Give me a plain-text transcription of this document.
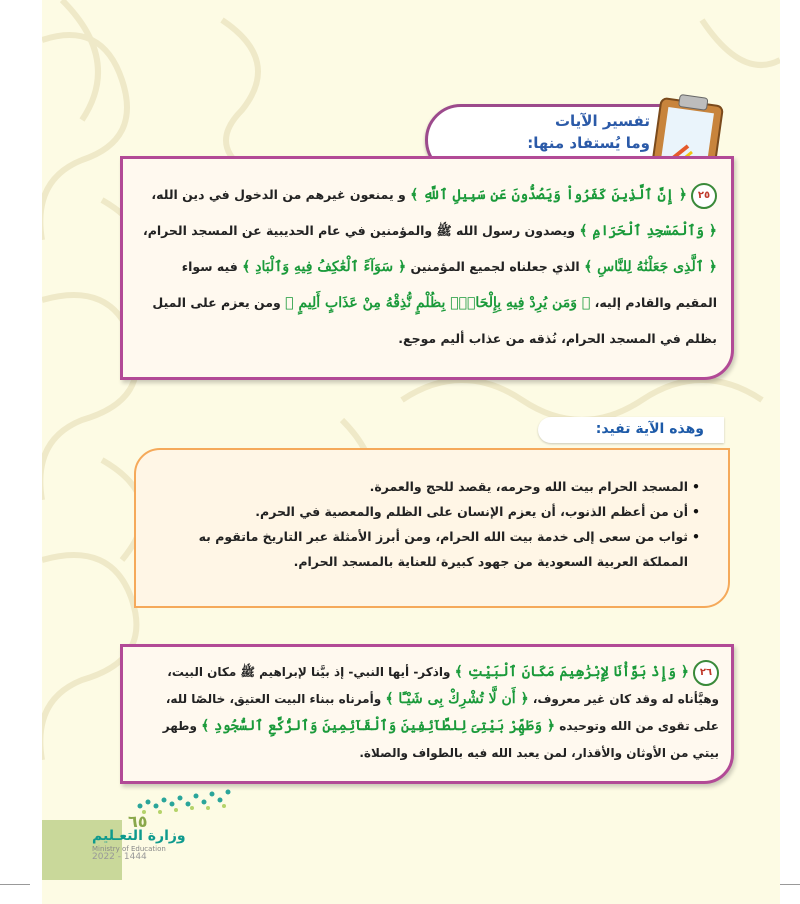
تفسير الآيات
وما يُستفاد منها:
٢٥﴿ إِنَّ ٱلَّذِينَ كَفَرُواْ وَيَصُدُّونَ عَن سَبِيلِ ٱللَّهِ ﴾ و يمنعون غيرهم من الدخول في دين الله، ﴿ وَٱلْمَسْجِدِ ٱلْحَرَامِ ﴾ ويصدون رسول الله ﷺ والمؤمنين في عام الحديبية عن المسجد الحرام، ﴿ ٱلَّذِى جَعَلْنَٰهُ لِلنَّاسِ ﴾ الذي جعلناه لجميع المؤمنين ﴿ سَوَآءً ٱلْعَٰكِفُ فِيهِ وَٱلْبَادِ ﴾ فيه سواء المقيم والقادم إليه، ﴿ وَمَن يُرِدْ فِيهِ بِإِلْحَادٍۭ بِظُلْمٍ نُّذِقْهُ مِنْ عَذَابٍ أَلِيمٍ ﴾ ومن يعزم على الميل بظلم في المسجد الحرام، نُذقه من عذاب أليم موجع.
وهذه الآية تفيد:
• المسجد الحرام بيت الله وحرمه، يقصد للحج والعمرة.
• أن من أعظم الذنوب، أن يعزم الإنسان على الظلم والمعصية في الحرم.
• ثواب من سعى إلى خدمة بيت الله الحرام، ومن أبرز الأمثلة عبر التاريخ ماتقوم به المملكة العربية السعودية من جهود كبيرة للعناية بالمسجد الحرام.
٢٦﴿ وَإِذْ بَوَّأْنَا لِإِبْرَٰهِيمَ مَكَانَ ٱلْبَيْتِ ﴾ واذكر- أيها النبي- إذ بيَّنا لإبراهيم ﷺ مكان البيت، وهيَّأناه له وقد كان غير معروف، ﴿ أَن لَّا تُشْرِكْ بِى شَيْـًٔا ﴾ وأمرناه ببناء البيت العتيق، خالصًا لله، على تقوى من الله وتوحيده ﴿ وَطَهِّرْ بَيْتِىَ لِلطَّآئِفِينَ وَٱلْقَآئِمِينَ وَٱلرُّكَّعِ ٱلسُّجُودِ ﴾ وطهر بيتي من الأوثان والأقذار، لمن يعبد الله فيه بالطواف والصلاة.
٦٥
وزارة التعـليم
Ministry of Education
2022 - 1444
